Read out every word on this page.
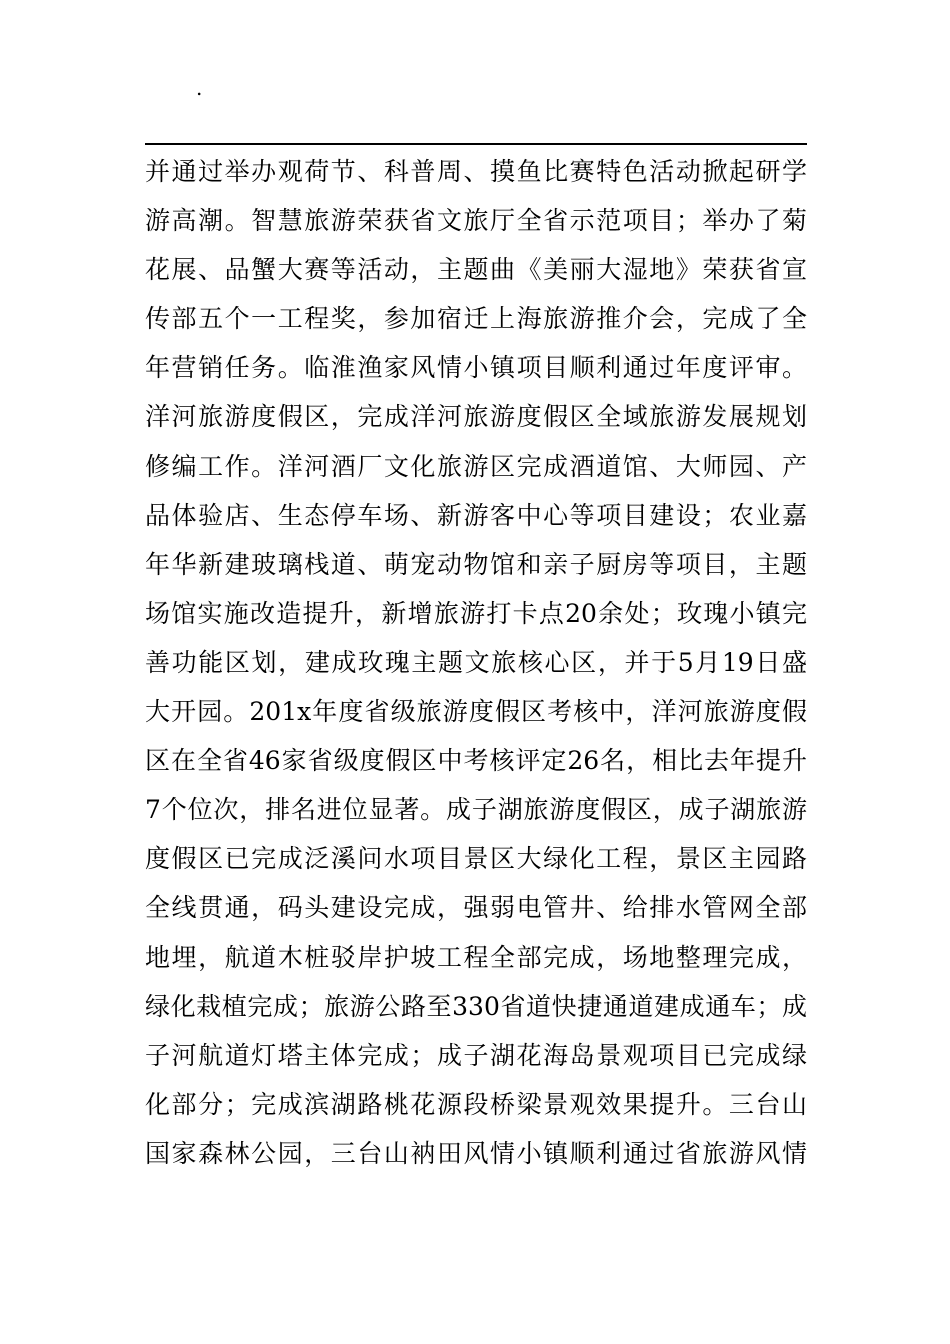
.
并通过举办观荷节、科普周、摸鱼比赛特色活动掀起研学
游高潮。智慧旅游荣获省文旅厅全省示范项目；举办了菊
花展、品蟹大赛等活动，主题曲《美丽大湿地》荣获省宣
传部五个一工程奖，参加宿迁上海旅游推介会，完成了全
年营销任务。临淮渔家风情小镇项目顺利通过年度评审。
洋河旅游度假区，完成洋河旅游度假区全域旅游发展规划
修编工作。洋河酒厂文化旅游区完成酒道馆、大师园、产
品体验店、生态停车场、新游客中心等项目建设；农业嘉
年华新建玻璃栈道、萌宠动物馆和亲子厨房等项目，主题
场馆实施改造提升，新增旅游打卡点20余处；玫瑰小镇完
善功能区划，建成玫瑰主题文旅核心区，并于5月19日盛
大开园。201x年度省级旅游度假区考核中，洋河旅游度假
区在全省46家省级度假区中考核评定26名，相比去年提升
7个位次，排名进位显著。成子湖旅游度假区，成子湖旅游
度假区已完成泛溪问水项目景区大绿化工程，景区主园路
全线贯通，码头建设完成，强弱电管井、给排水管网全部
地埋，航道木桩驳岸护坡工程全部完成，场地整理完成，
绿化栽植完成；旅游公路至330省道快捷通道建成通车；成
子河航道灯塔主体完成；成子湖花海岛景观项目已完成绿
化部分；完成滨湖路桃花源段桥梁景观效果提升。三台山
国家森林公园，三台山衲田风情小镇顺利通过省旅游风情
